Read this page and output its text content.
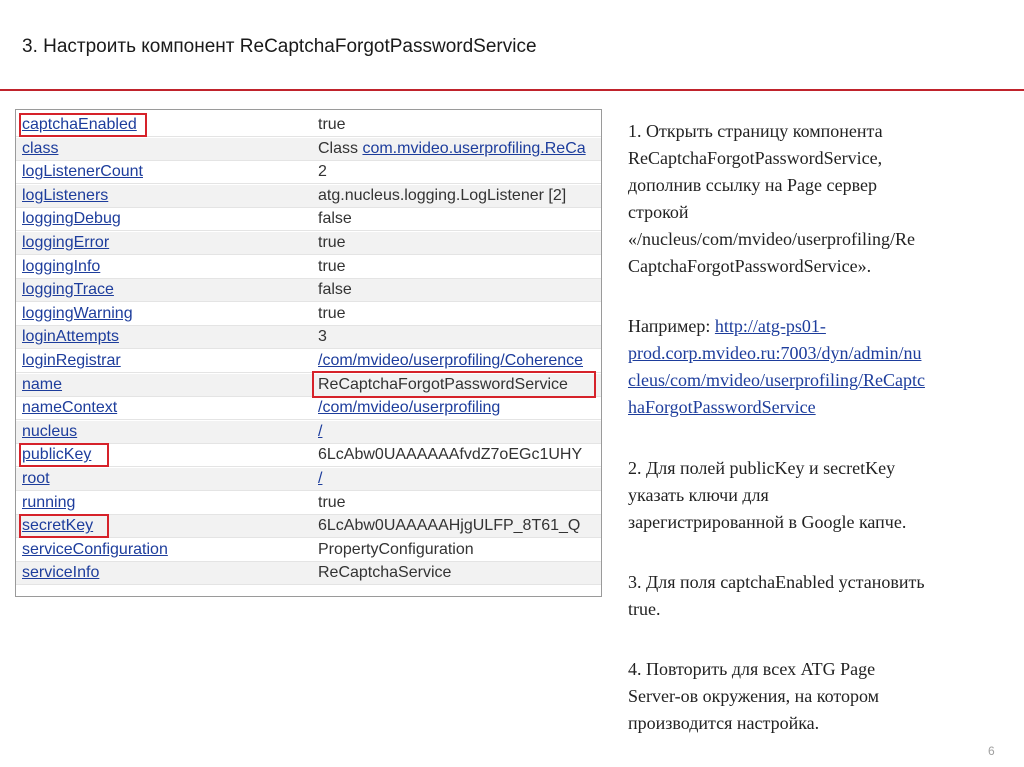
3. Настроить компонент ReCaptchaForgotPasswordService
captchaEnabled	true
class	Class com.mvideo.userprofiling.ReCa
logListenerCount	2
logListeners	atg.nucleus.logging.LogListener [2]
loggingDebug	false
loggingError	true
loggingInfo	true
loggingTrace	false
loggingWarning	true
loginAttempts	3
loginRegistrar	/com/mvideo/userprofiling/Coherence
name	ReCaptchaForgotPasswordService
nameContext	/com/mvideo/userprofiling
nucleus	/
publicKey	6LcAbw0UAAAAAAfvdZ7oEGc1UHY
root	/
running	true
secretKey	6LcAbw0UAAAAAHjgULFP_8T61_Q
serviceConfiguration	PropertyConfiguration
serviceInfo	ReCaptchaService
1. Открыть страницу компонента
ReCaptchaForgotPasswordService,
дополнив ссылку на Page сервер
строкой
«/nucleus/com/mvideo/userprofiling/Re
CaptchaForgotPasswordService».
Например: http://atg-ps01-
prod.corp.mvideo.ru:7003/dyn/admin/nu
cleus/com/mvideo/userprofiling/ReCaptc
haForgotPasswordService
2. Для полей publicKey и secretKey
указать ключи для
зарегистрированной в Google капче.
3. Для поля captchaEnabled установить
true.
4. Повторить для всех ATG Page
Server-ов окружения, на котором
производится настройка.
6
